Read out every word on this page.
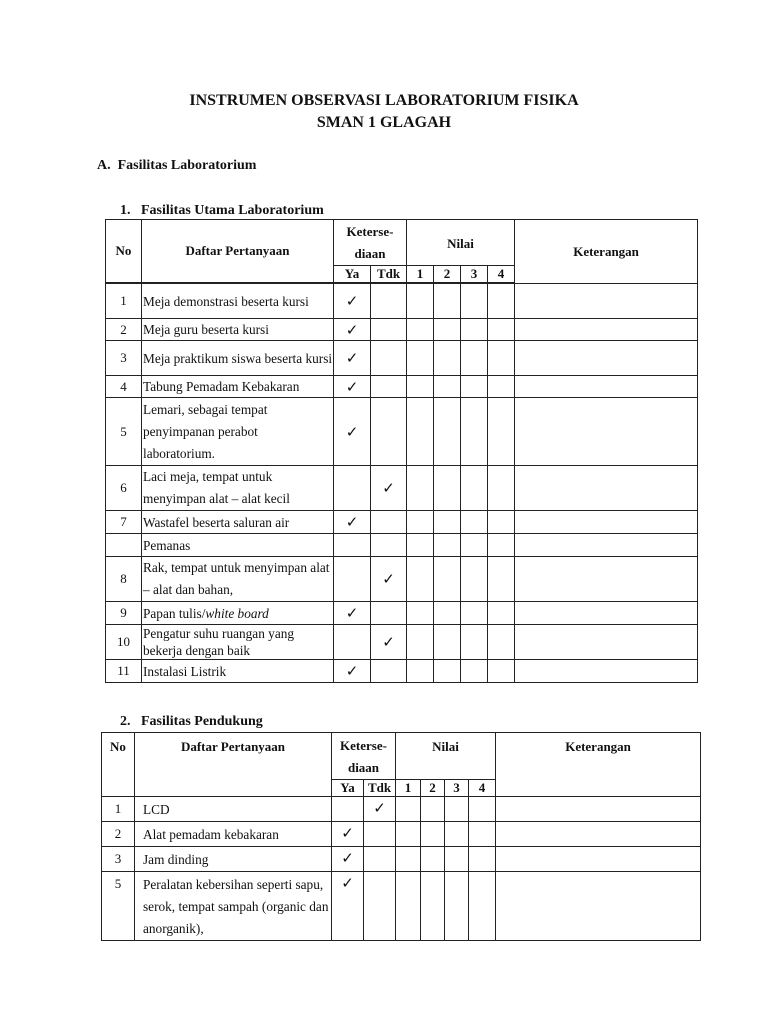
INSTRUMEN OBSERVASI LABORATORIUM FISIKA
SMAN 1 GLAGAH
A.  Fasilitas Laboratorium
1.   Fasilitas Utama Laboratorium
No	Daftar Pertanyaan	Keterse-diaan		Nilai				Keterangan
		Ya	Tdk	1	2	3	4	

1	Meja demonstrasi beserta kursi	✓						
2	Meja guru beserta kursi	✓						
3	Meja praktikum siswa beserta kursi	✓						
4	Tabung Pemadam Kebakaran	✓						
5	Lemari, sebagai tempat penyimpanan perabot laboratorium.	✓						
6	Laci meja, tempat untuk menyimpan alat – alat kecil		✓					
7	Wastafel beserta saluran air	✓						
	Pemanas							
8	Rak, tempat untuk menyimpan alat – alat dan bahan,		✓					
9	Papan tulis/white board	✓						
10	Pengatur suhu ruangan yang bekerja dengan baik		✓					
11	Instalasi Listrik	✓						
2.   Fasilitas Pendukung
No	Daftar Pertanyaan	Keterse-diaan		Nilai				Keterangan
		Ya	Tdk	1	2	3	4	
1	LCD		✓					
2	Alat pemadam kebakaran	✓						
3	Jam dinding	✓						
5	Peralatan kebersihan seperti sapu, serok, tempat sampah (organic dan anorganik),	✓						
